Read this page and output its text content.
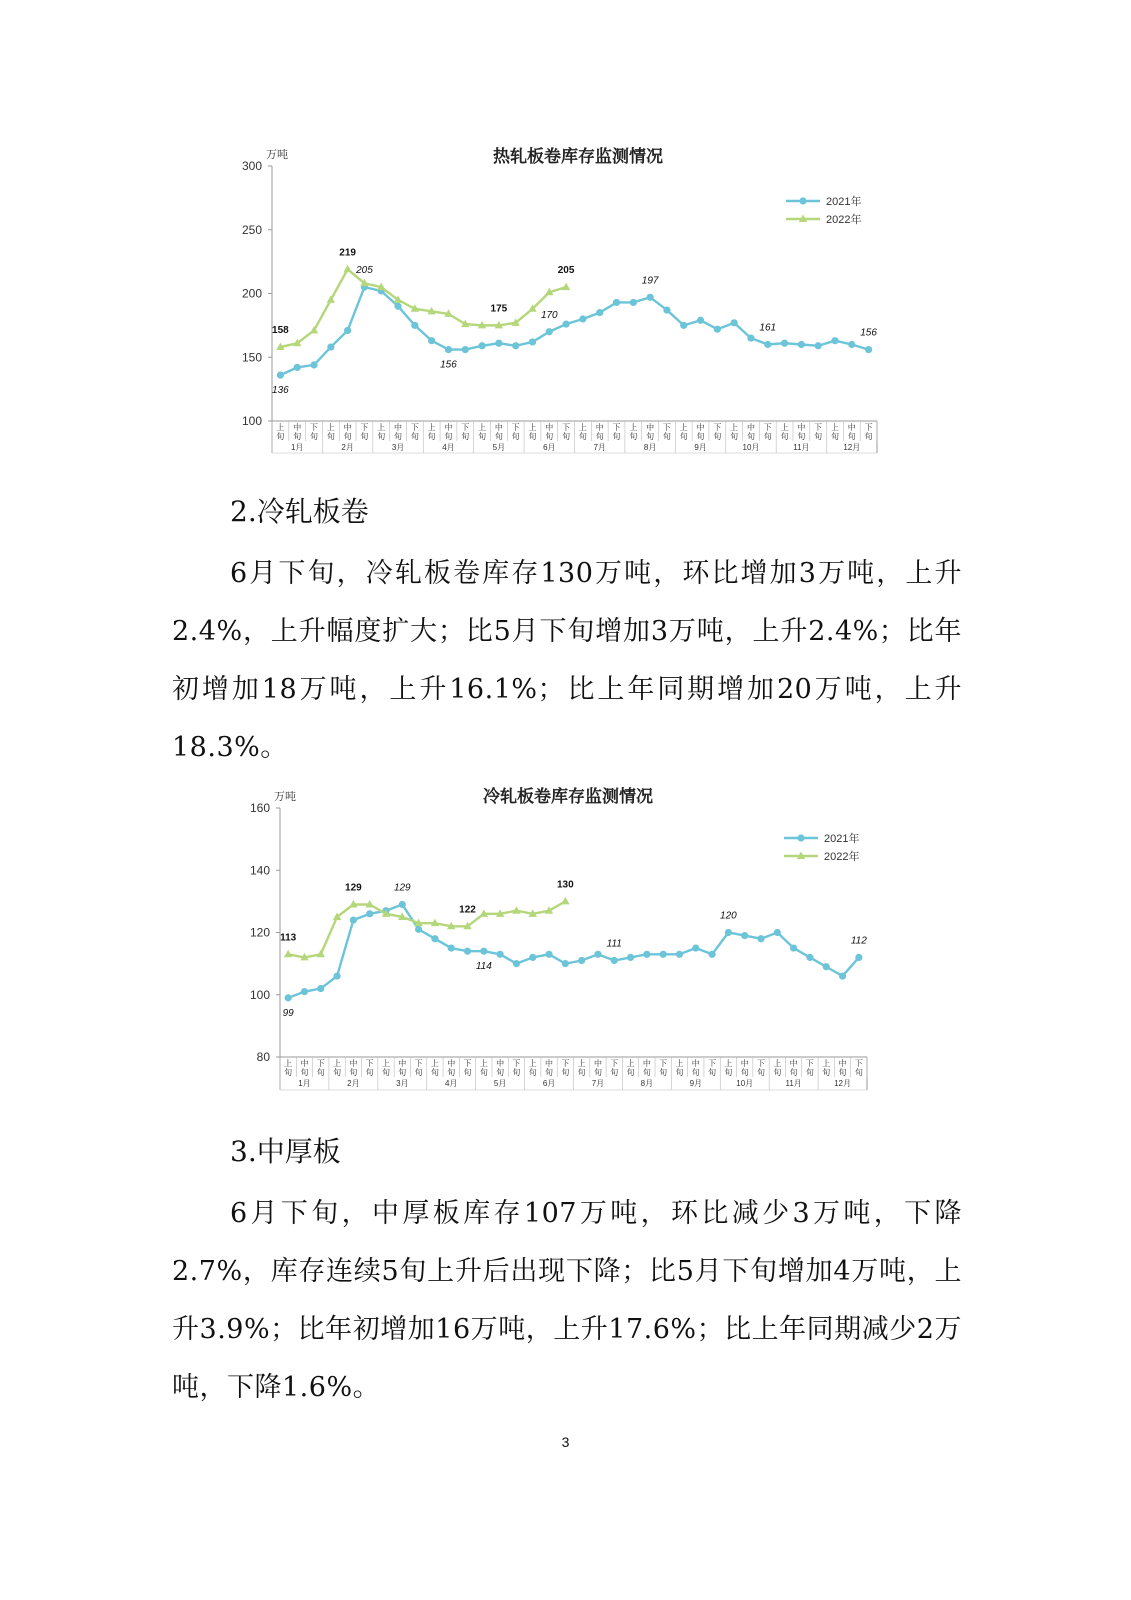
热轧板卷库存监测情况
万吨
100
150
200
250
300
上
旬
中
旬
下
旬
上
旬
中
旬
下
旬
上
旬
中
旬
下
旬
上
旬
中
旬
下
旬
上
旬
中
旬
下
旬
上
旬
中
旬
下
旬
上
旬
中
旬
下
旬
上
旬
中
旬
下
旬
上
旬
中
旬
下
旬
上
旬
中
旬
下
旬
上
旬
中
旬
下
旬
上
旬
中
旬
下
旬
1月	2月	3月	4月	5月	6月	7月	8月	9月	10月	11月	12月
136
156
205
170
197
161	156
158
219
175
205
2021年
2022年
2.冷轧板卷

6月下旬，冷轧板卷库存130万吨，环比增加3万吨，上升2.4%，上升幅度扩大；比5月下旬增加3万吨，上升2.4%；比年初增加18万吨，上升16.1%；比上年同期增加20万吨，上升18.3%。

冷轧板卷库存监测情况
万吨
80
100
120
140
160
上
旬
中
旬
下
旬
上
旬
中
旬
下
旬
上
旬
中
旬
下
旬
上
旬
中
旬
下
旬
上
旬
中
旬
下
旬
上
旬
中
旬
下
旬
上
旬
中
旬
下
旬
上
旬
中
旬
下
旬
上
旬
中
旬
下
旬
上
旬
中
旬
下
旬
上
旬
中
旬
下
旬
上
旬
中
旬
下
旬
1月	2月	3月	4月	5月	6月	7月	8月	9月	10月	11月	12月
99
129
114
111
120
112
113
129
122
130
2021年
2022年
3.中厚板

6月下旬，中厚板库存107万吨，环比减少3万吨，下降2.7%，库存连续5旬上升后出现下降；比5月下旬增加4万吨，上升3.9%；比年初增加16万吨，上升17.6%；比上年同期减少2万吨，下降1.6%。

3
